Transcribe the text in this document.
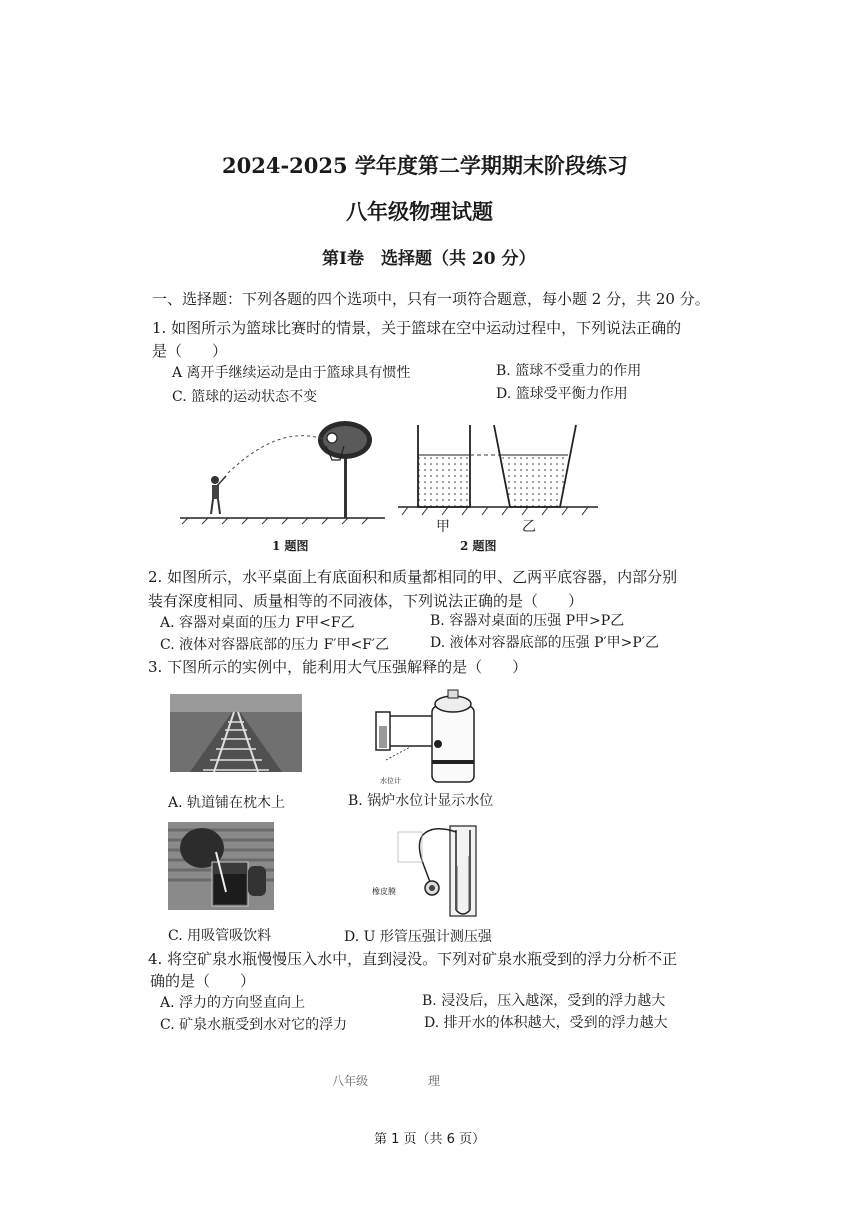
2024-2025 学年度第二学期期末阶段练习
八年级物理试题
第Ⅰ卷　选择题（共 20 分）
一、选择题：下列各题的四个选项中，只有一项符合题意，每小题 2 分，共 20 分。
1. 如图所示为篮球比赛时的情景，关于篮球在空中运动过程中，下列说法正确的
是（　　）
A 离开手继续运动是由于篮球具有惯性	B. 篮球不受重力的作用
C. 篮球的运动状态不变	D. 篮球受平衡力作用
1 题图
甲	乙
2 题图
2. 如图所示，水平桌面上有底面积和质量都相同的甲、乙两平底容器，内部分别
装有深度相同、质量相等的不同液体，下列说法正确的是（　　）
A. 容器对桌面的压力 F甲<F乙	B. 容器对桌面的压强 P甲>P乙
C. 液体对容器底部的压力 F′甲<F′乙	D. 液体对容器底部的压强 P′甲>P′乙
3. 下图所示的实例中，能利用大气压强解释的是（　　）
A. 轨道铺在枕木上
水位计
B. 锅炉水位计显示水位
C. 用吸管吸饮料
橡皮膜
D. U 形管压强计测压强
4. 将空矿泉水瓶慢慢压入水中，直到浸没。下列对矿泉水瓶受到的浮力分析不正
确的是（　　）
A. 浮力的方向竖直向上	B. 浸没后，压入越深，受到的浮力越大
C. 矿泉水瓶受到水对它的浮力	D. 排开水的体积越大，受到的浮力越大
八年级　　　　　理
第 1 页（共 6 页）
